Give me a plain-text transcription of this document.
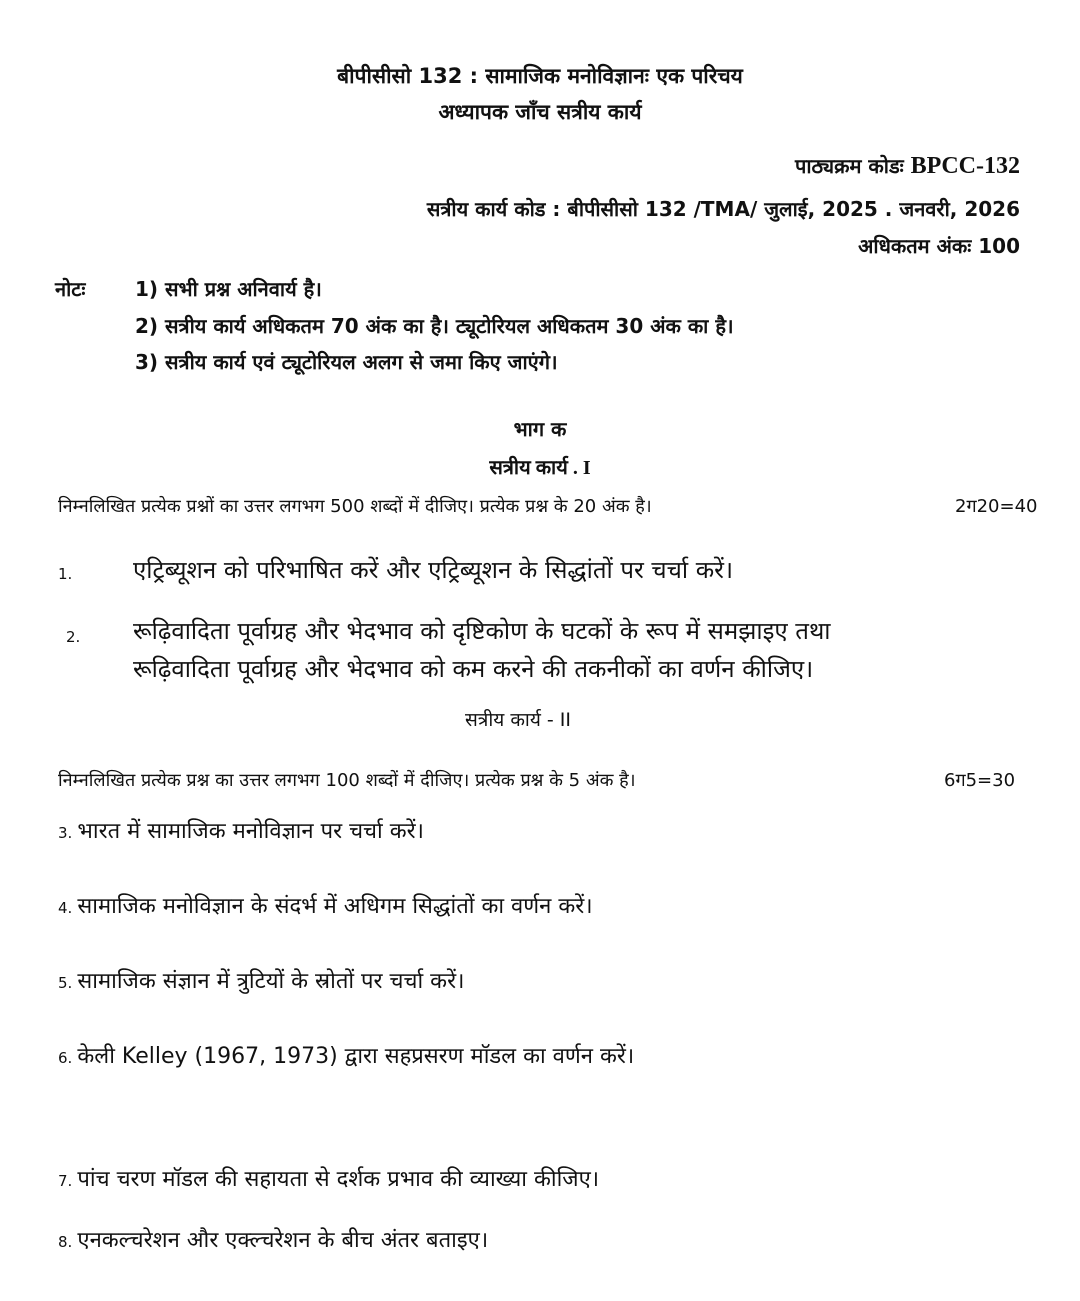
बीपीसीसो 132 : सामाजिक मनोविज्ञानः एक परिचय
अध्यापक जाँच सत्रीय कार्य
पाठ्यक्रम कोडः BPCC-132
सत्रीय कार्य कोड : बीपीसीसो 132 /TMA/ जुलाई, 2025 . जनवरी, 2026
अधिकतम अंकः 100
नोटः 1) सभी प्रश्न अनिवार्य है।
2) सत्रीय कार्य अधिकतम 70 अंक का है। ट्यूटोरियल अधिकतम 30 अंक का है।
3) सत्रीय कार्य एवं ट्यूटोरियल अलग से जमा किए जाएंगे।
भाग क
सत्रीय कार्य . I
निम्नलिखित प्रत्येक प्रश्नों का उत्तर लगभग 500 शब्दों में दीजिए। प्रत्येक प्रश्न के 20 अंक है।	2ग20=40
1.	एट्रिब्यूशन को परिभाषित करें और एट्रिब्यूशन के सिद्धांतों पर चर्चा करें।
2. रूढ़िवादिता पूर्वाग्रह और भेदभाव को दृष्टिकोण के घटकों के रूप में समझाइए तथा
रूढ़िवादिता पूर्वाग्रह और भेदभाव को कम करने की तकनीकों का वर्णन कीजिए।
सत्रीय कार्य - II
निम्नलिखित प्रत्येक प्रश्न का उत्तर लगभग 100 शब्दों में दीजिए। प्रत्येक प्रश्न के 5 अंक है।	6ग5=30
3. भारत में सामाजिक मनोविज्ञान पर चर्चा करें।
4. सामाजिक मनोविज्ञान के संदर्भ में अधिगम सिद्धांतों का वर्णन करें।
5. सामाजिक संज्ञान में त्रुटियों के स्रोतों पर चर्चा करें।
6. केली Kelley (1967, 1973) द्वारा सहप्रसरण मॉडल का वर्णन करें।
7. पांच चरण मॉडल की सहायता से दर्शक प्रभाव की व्याख्या कीजिए।
8. एनकल्चरेशन और एक्ल्चरेशन के बीच अंतर बताइए।
